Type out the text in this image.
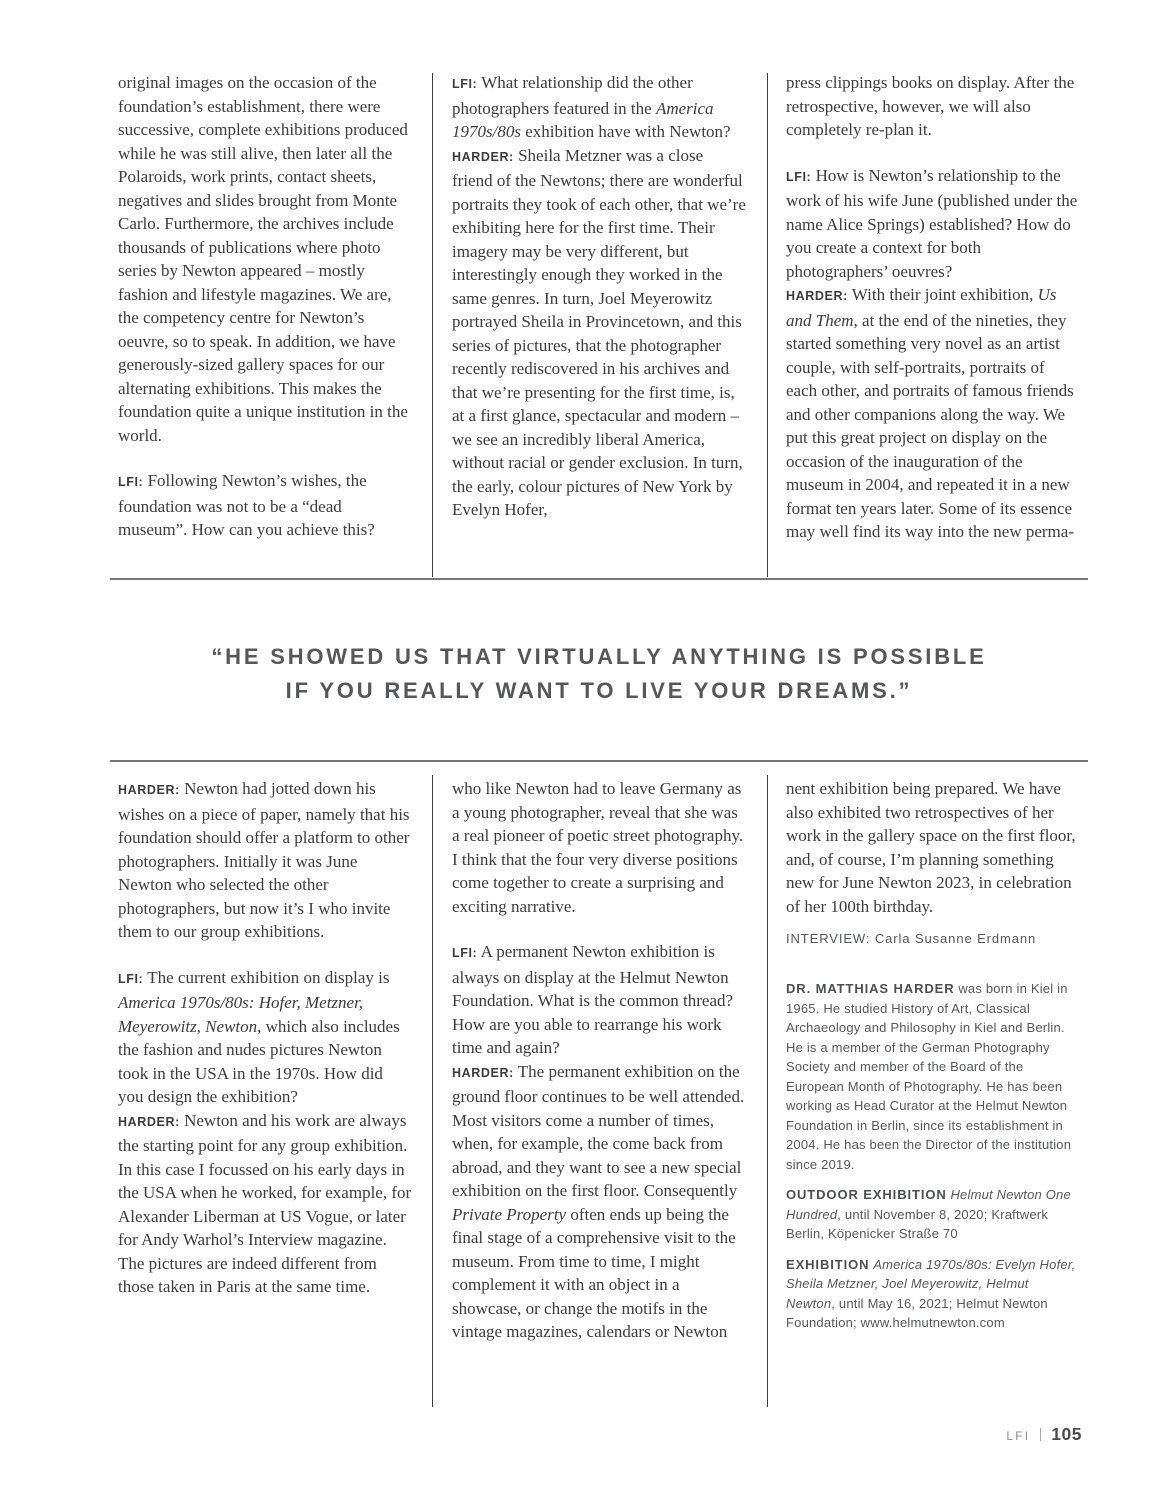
original images on the occasion of the foundation’s establishment, there were successive, complete exhibitions produced while he was still alive, then later all the Polaroids, work prints, contact sheets, negatives and slides brought from Monte Carlo. Furthermore, the archives include thousands of publications where photo series by Newton appeared – mostly fashion and lifestyle magazines. We are, the competency centre for Newton’s oeuvre, so to speak. In addition, we have generously-sized gallery spaces for our alternating exhibitions. This makes the foundation quite a unique institution in the world.

LFI: Following Newton’s wishes, the foundation was not to be a “dead museum”. How can you achieve this?

LFI: What relationship did the other photographers featured in the America 1970s/80s exhibition have with Newton?

HARDER: Sheila Metzner was a close friend of the Newtons; there are wonderful portraits they took of each other, that we’re exhibiting here for the first time. Their imagery may be very different, but interestingly enough they worked in the same genres. In turn, Joel Meyerowitz portrayed Sheila in Provincetown, and this series of pictures, that the photographer recently rediscovered in his archives and that we’re presenting for the first time, is, at a first glance, spectacular and modern – we see an incredibly liberal America, without racial or gender exclusion. In turn, the early, colour pictures of New York by Evelyn Hofer,

press clippings books on display. After the retrospective, however, we will also completely re-plan it.

LFI: How is Newton’s relationship to the work of his wife June (published under the name Alice Springs) established? How do you create a context for both photographers’ oeuvres?

HARDER: With their joint exhibition, Us and Them, at the end of the nineties, they started something very novel as an artist couple, with self-portraits, portraits of each other, and portraits of famous friends and other companions along the way. We put this great project on display on the occasion of the inauguration of the museum in 2004, and repeated it in a new format ten years later. Some of its essence may well find its way into the new perma-

“HE SHOWED US THAT VIRTUALLY ANYTHING IS POSSIBLE
IF YOU REALLY WANT TO LIVE YOUR DREAMS.”

HARDER: Newton had jotted down his wishes on a piece of paper, namely that his foundation should offer a platform to other photographers. Initially it was June Newton who selected the other photographers, but now it’s I who invite them to our group exhibitions.

LFI: The current exhibition on display is America 1970s/80s: Hofer, Metzner, Meyerowitz, Newton, which also includes the fashion and nudes pictures Newton took in the USA in the 1970s. How did you design the exhibition?

HARDER: Newton and his work are always the starting point for any group exhibition. In this case I focussed on his early days in the USA when he worked, for example, for Alexander Liberman at US Vogue, or later for Andy Warhol’s Interview magazine. The pictures are indeed different from those taken in Paris at the same time.

who like Newton had to leave Germany as a young photographer, reveal that she was a real pioneer of poetic street photography. I think that the four very diverse positions come together to create a surprising and exciting narrative.

LFI: A permanent Newton exhibition is always on display at the Helmut Newton Foundation. What is the common thread? How are you able to rearrange his work time and again?

HARDER: The permanent exhibition on the ground floor continues to be well attended. Most visitors come a number of times, when, for example, the come back from abroad, and they want to see a new special exhibition on the first floor. Consequently Private Property often ends up being the final stage of a comprehensive visit to the museum. From time to time, I might complement it with an object in a showcase, or change the motifs in the vintage magazines, calendars or Newton

nent exhibition being prepared. We have also exhibited two retrospectives of her work in the gallery space on the first floor, and, of course, I’m planning something new for June Newton 2023, in celebration of her 100th birthday.

INTERVIEW: Carla Susanne Erdmann

DR. MATTHIAS HARDER was born in Kiel in 1965. He studied History of Art, Classical Archaeology and Philosophy in Kiel and Berlin. He is a member of the German Photography Society and member of the Board of the European Month of Photography. He has been working as Head Curator at the Helmut Newton Foundation in Berlin, since its establishment in 2004. He has been the Director of the institution since 2019.

OUTDOOR EXHIBITION Helmut Newton One Hundred, until November 8, 2020; Kraftwerk Berlin, Köpenicker Straße 70

EXHIBITION America 1970s/80s: Evelyn Hofer, Sheila Metzner, Joel Meyerowitz, Helmut Newton, until May 16, 2021; Helmut Newton Foundation; www.helmutnewton.com

LFI 105
